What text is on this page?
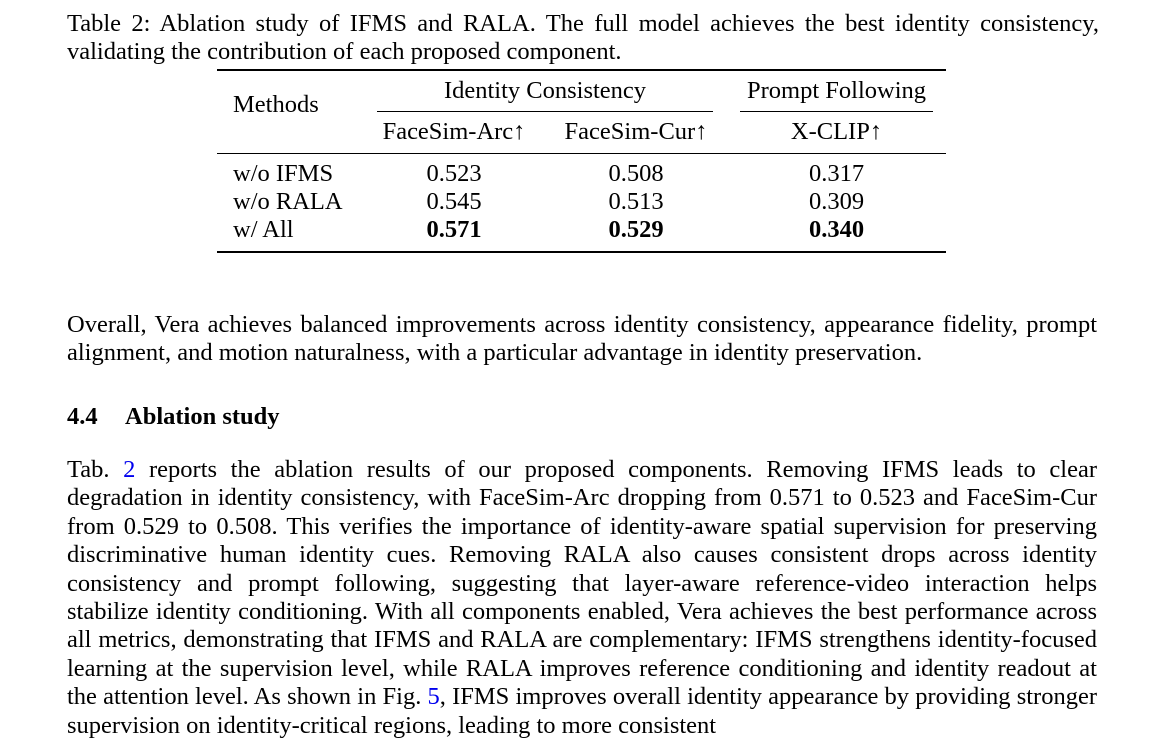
Table 2: Ablation study of IFMS and RALA. The full model achieves the best identity consistency, validating the contribution of each proposed component.
Methods
Identity Consistency	Prompt Following
FaceSim-Arc↑	FaceSim-Cur↑	X-CLIP↑
w/o IFMS	0.523	0.508	0.317
w/o RALA	0.545	0.513	0.309
w/ All	0.571	0.529	0.340
Overall, Vera achieves balanced improvements across identity consistency, appearance fidelity, prompt alignment, and motion naturalness, with a particular advantage in identity preservation.
4.4 Ablation study
Tab. 2 reports the ablation results of our proposed components. Removing IFMS leads to clear degradation in identity consistency, with FaceSim-Arc dropping from 0.571 to 0.523 and FaceSim-Cur from 0.529 to 0.508. This verifies the importance of identity-aware spatial supervision for preserving discriminative human identity cues. Removing RALA also causes consistent drops across identity consistency and prompt following, suggesting that layer-aware reference-video interaction helps stabilize identity conditioning. With all components enabled, Vera achieves the best performance across all metrics, demonstrating that IFMS and RALA are complementary: IFMS strengthens identity-focused learning at the supervision level, while RALA improves reference conditioning and identity readout at the attention level. As shown in Fig. 5, IFMS improves overall identity appearance by providing stronger supervision on identity-critical regions, leading to more consistent
